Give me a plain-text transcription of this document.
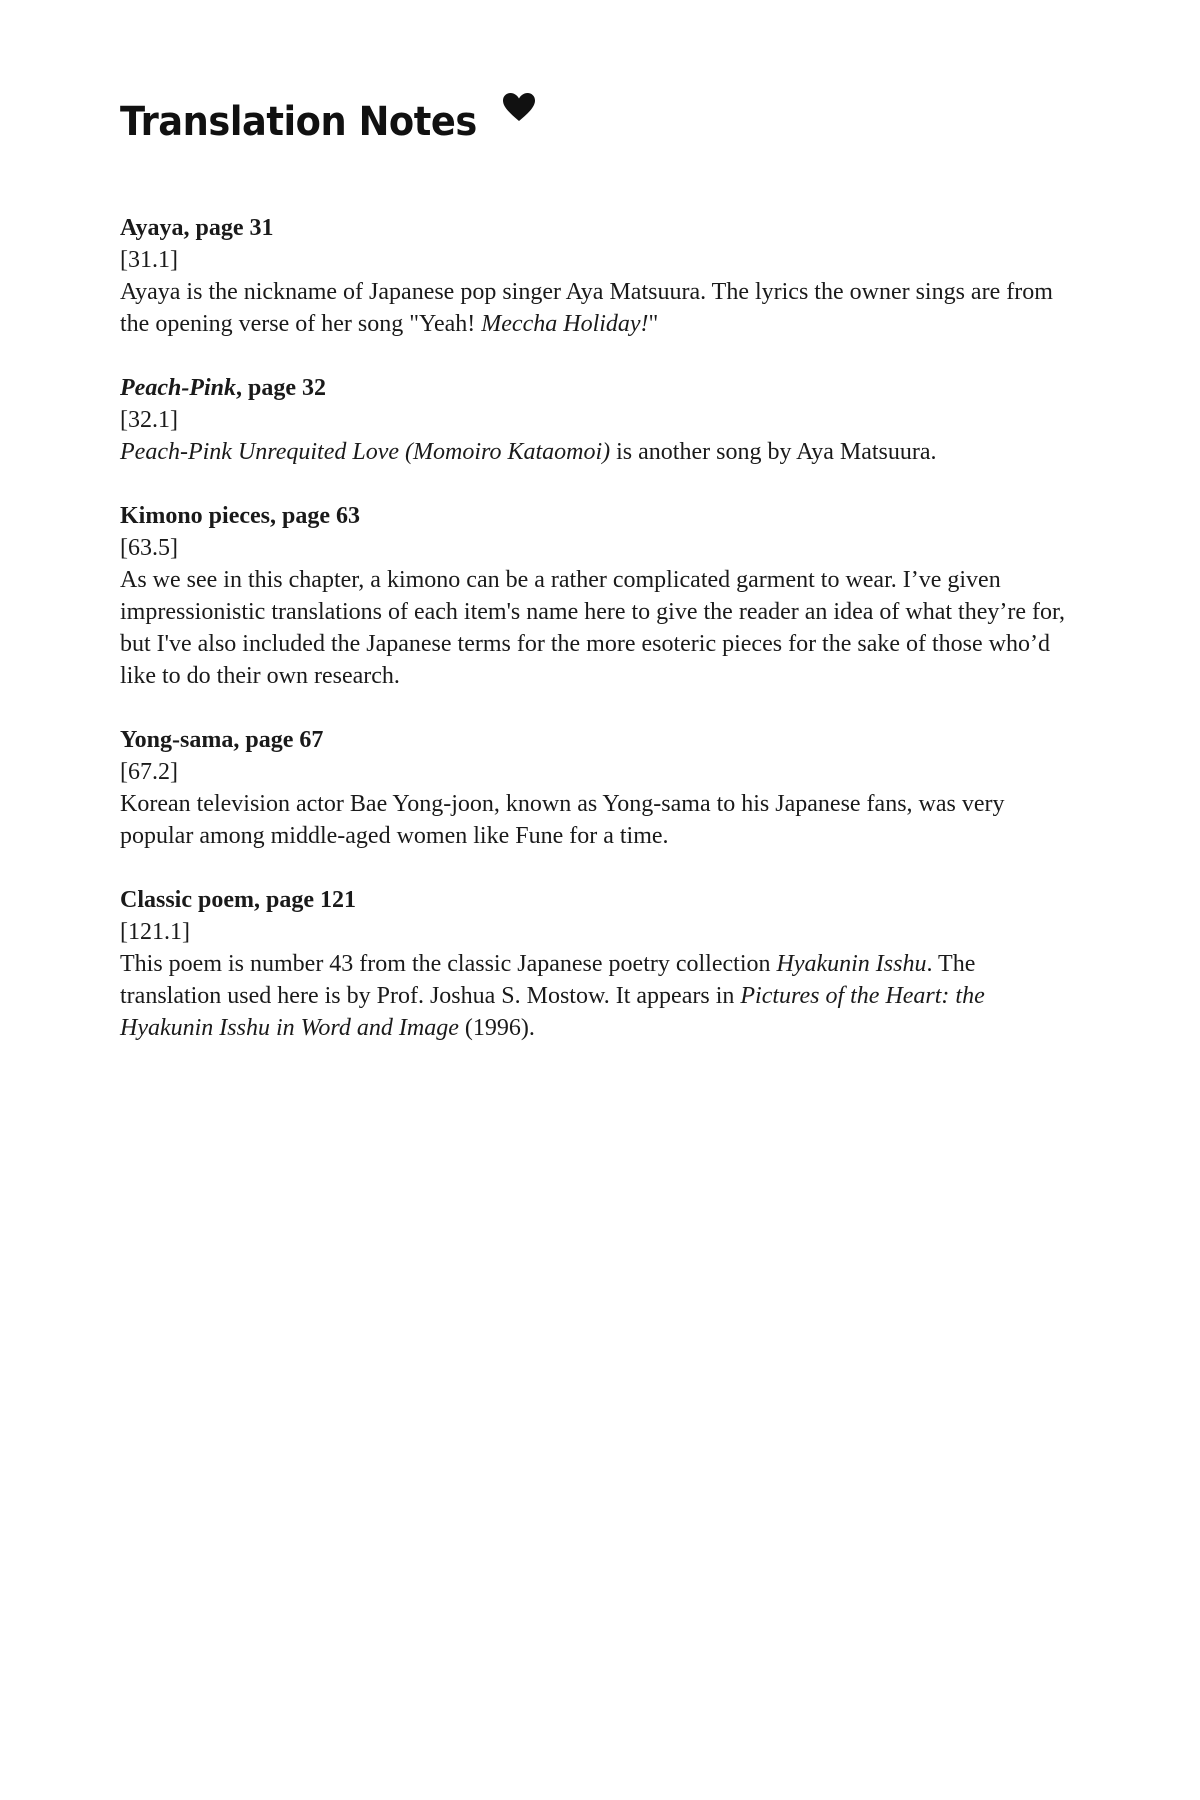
Translation Notes
Ayaya, page 31
[31.1]
Ayaya is the nickname of Japanese pop singer Aya Matsuura. The lyrics the owner sings are from the opening verse of her song "Yeah! Meccha Holiday!"
Peach-Pink, page 32
[32.1]
Peach-Pink Unrequited Love (Momoiro Kataomoi) is another song by Aya Matsuura.
Kimono pieces, page 63
[63.5]
As we see in this chapter, a kimono can be a rather complicated garment to wear. I’ve given impressionistic translations of each item's name here to give the reader an idea of what they’re for, but I've also included the Japanese terms for the more esoteric pieces for the sake of those who’d like to do their own research.
Yong-sama, page 67
[67.2]
Korean television actor Bae Yong-joon, known as Yong-sama to his Japanese fans, was very popular among middle-aged women like Fune for a time.
Classic poem, page 121
[121.1]
This poem is number 43 from the classic Japanese poetry collection Hyakunin Isshu. The translation used here is by Prof. Joshua S. Mostow. It appears in Pictures of the Heart: the Hyakunin Isshu in Word and Image (1996).
